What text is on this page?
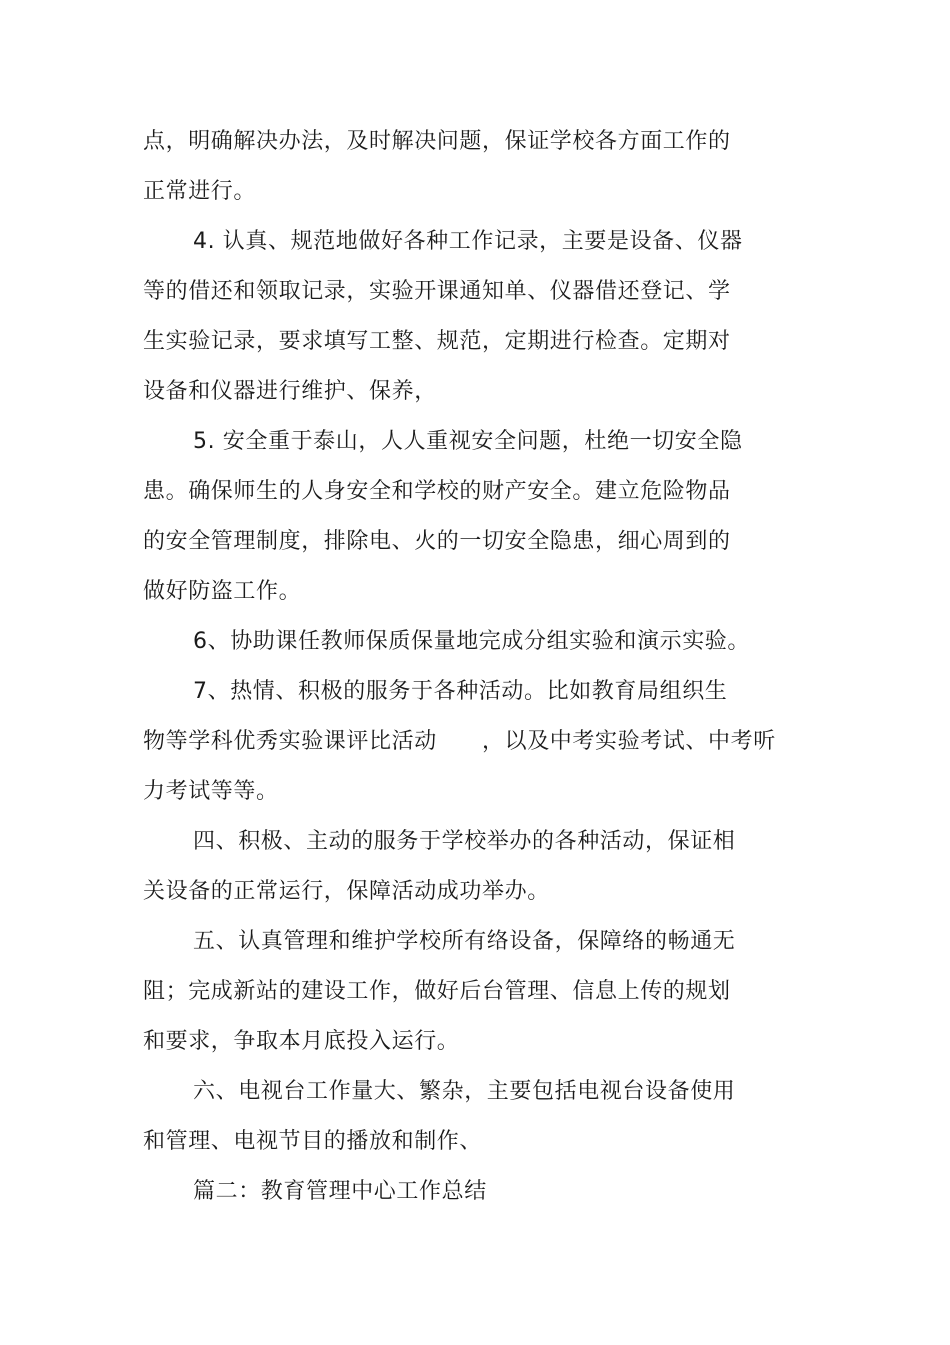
点，明确解决办法，及时解决问题，保证学校各方面工作的
正常进行。
4. 认真、规范地做好各种工作记录，主要是设备、仪器
等的借还和领取记录，实验开课通知单、仪器借还登记、学
生实验记录，要求填写工整、规范，定期进行检查。定期对
设备和仪器进行维护、保养，
5. 安全重于泰山，人人重视安全问题，杜绝一切安全隐
患。确保师生的人身安全和学校的财产安全。建立危险物品
的安全管理制度，排除电、火的一切安全隐患，细心周到的
做好防盗工作。
6、协助课任教师保质保量地完成分组实验和演示实验。
7、热情、积极的服务于各种活动。比如教育局组织生
物等学科优秀实验课评比活动　　，以及中考实验考试、中考听
力考试等等。
四、积极、主动的服务于学校举办的各种活动，保证相
关设备的正常运行，保障活动成功举办。
五、认真管理和维护学校所有络设备，保障络的畅通无
阻；完成新站的建设工作，做好后台管理、信息上传的规划
和要求，争取本月底投入运行。
六、电视台工作量大、繁杂，主要包括电视台设备使用
和管理、电视节目的播放和制作、
篇二：教育管理中心工作总结
